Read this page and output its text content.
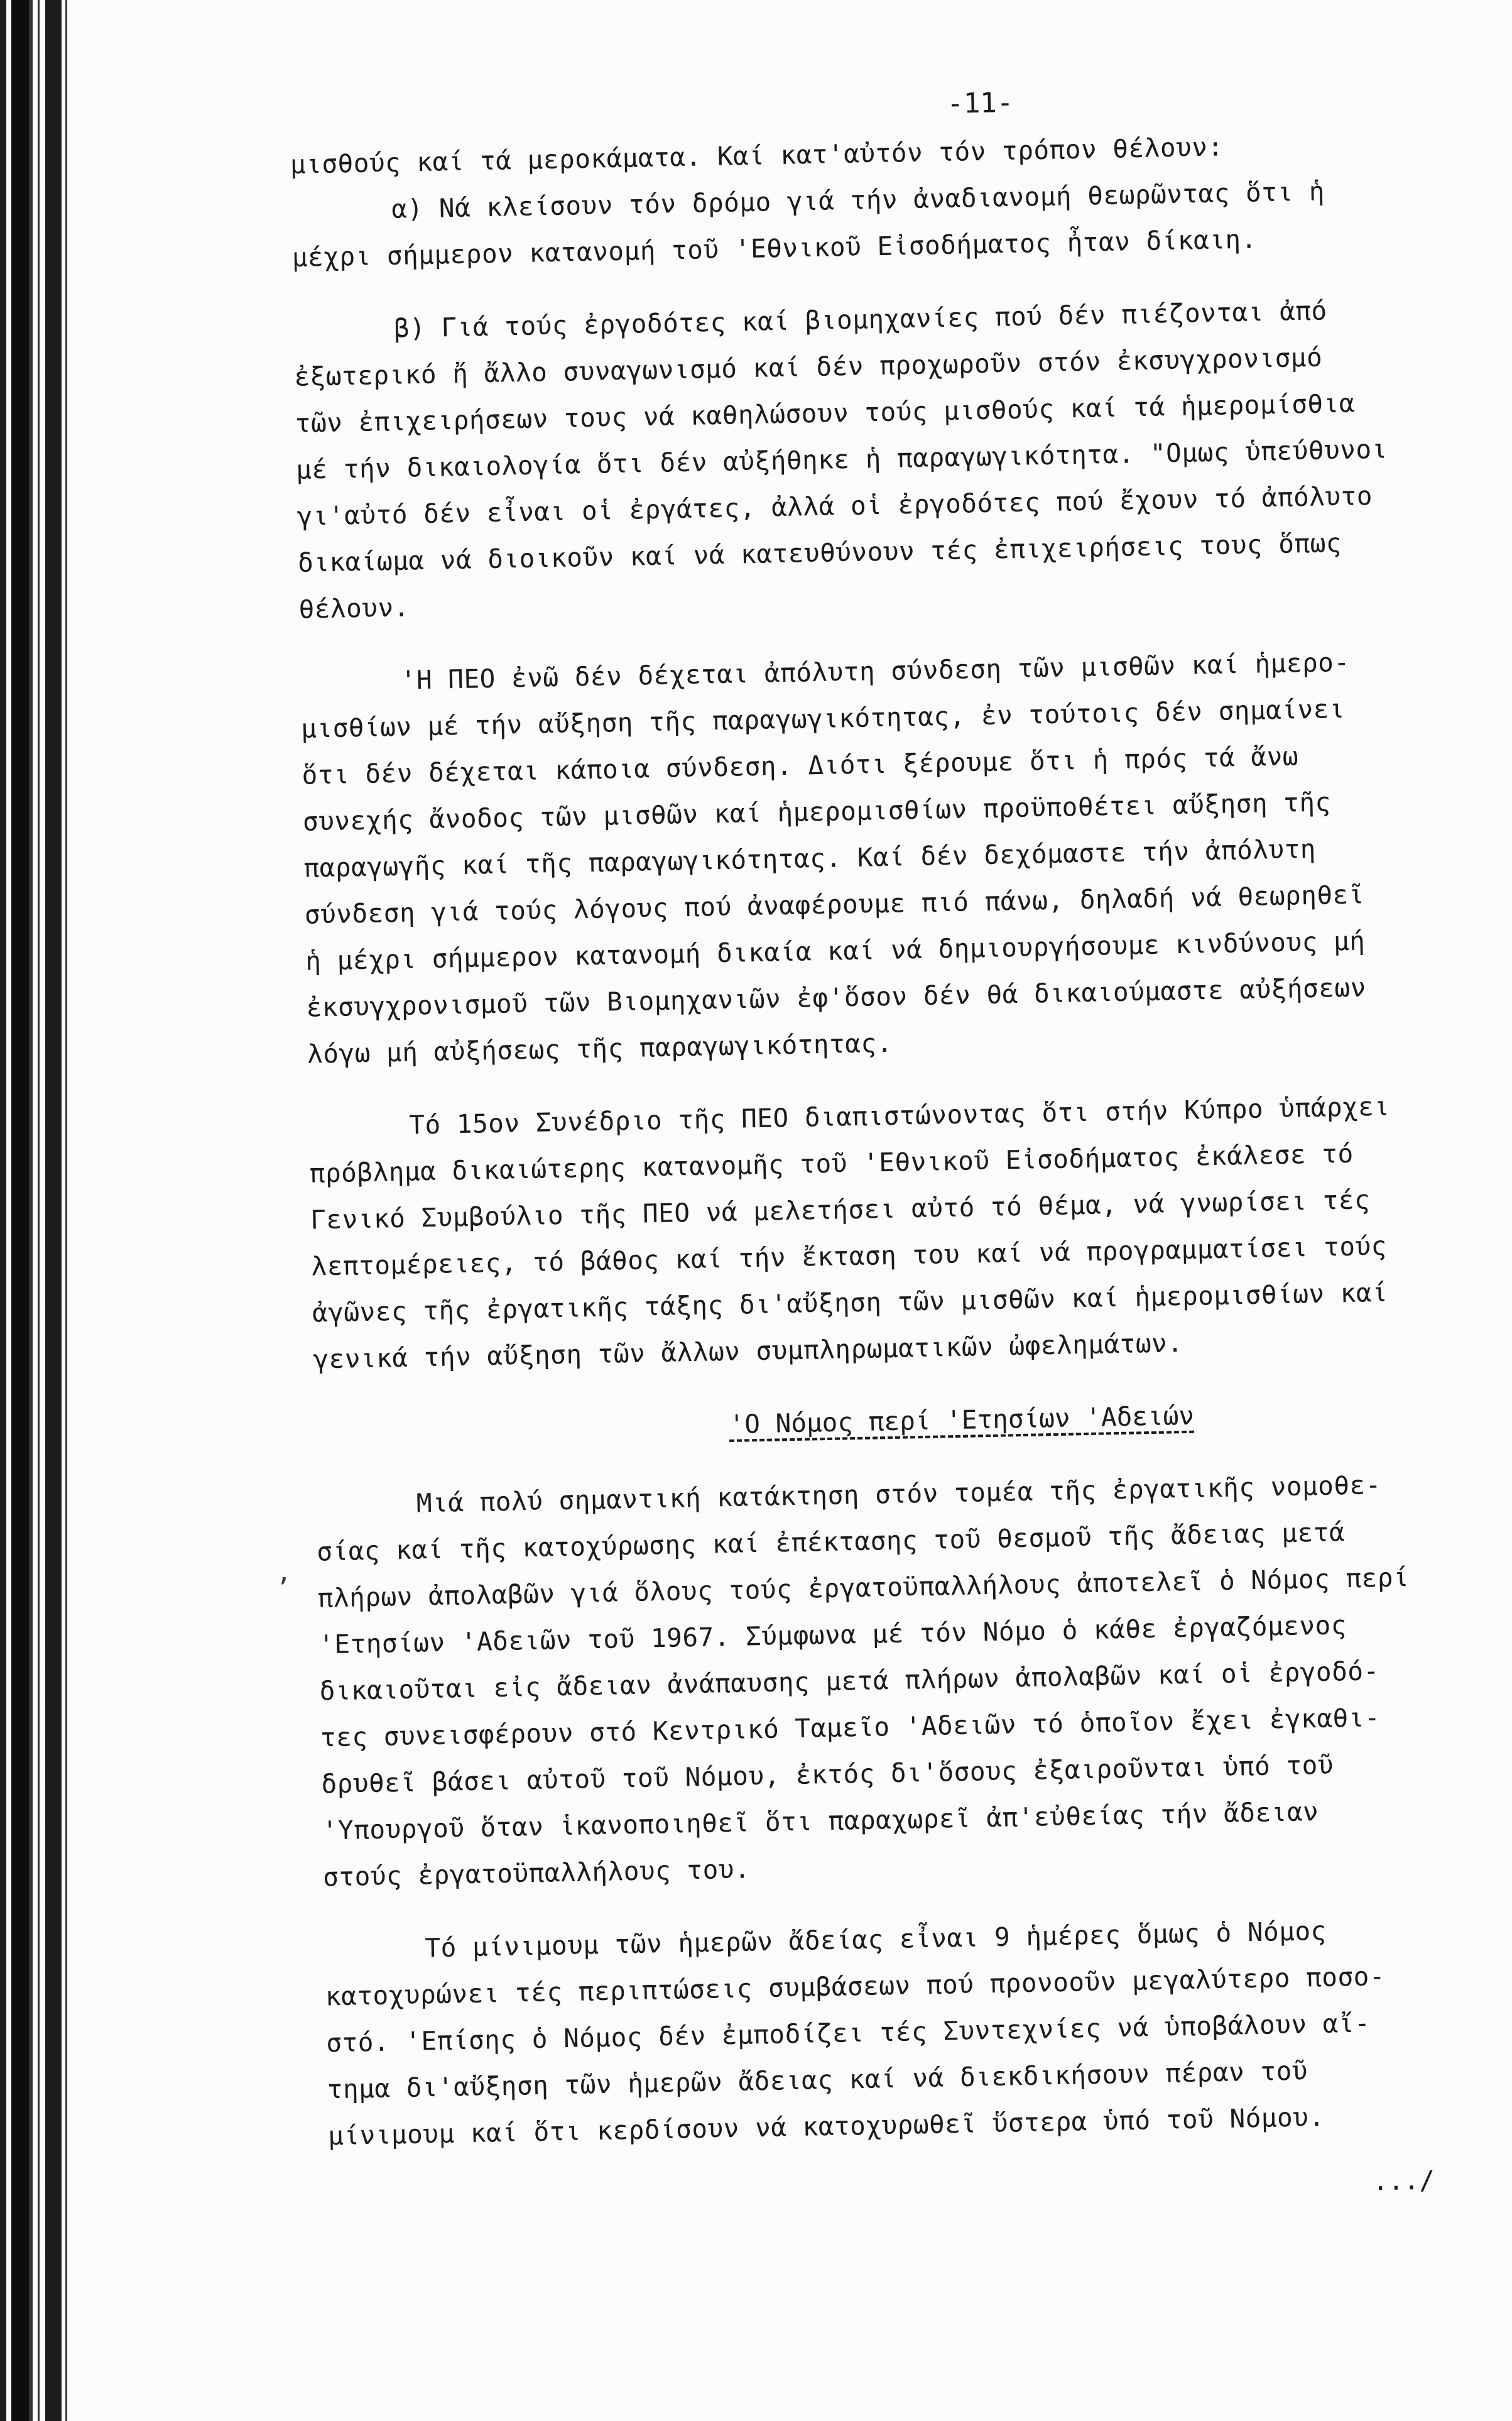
-11-
μισθούς καί τά μεροκάματα. Καί κατ'αὐτόν τόν τρόπον θέλουν:
α) Νά κλείσουν τόν δρόμο γιά τήν ἀναδιανομή θεωρῶντας ὅτι ἡ
μέχρι σήμμερον κατανομή τοῦ 'Εθνικοῦ Εἰσοδήματος ἦταν δίκαιη.
β) Γιά τούς ἐργοδότες καί βιομηχανίες πού δέν πιέζονται ἀπό
ἐξωτερικό ἤ ἄλλο συναγωνισμό καί δέν προχωροῦν στόν ἐκσυγχρονισμό
τῶν ἐπιχειρήσεων τους νά καθηλώσουν τούς μισθούς καί τά ἡμερομίσθια
μέ τήν δικαιολογία ὅτι δέν αὐξήθηκε ἡ παραγωγικότητα. "Ομως ὑπεύθυνοι
γι'αὐτό δέν εἶναι οἱ ἐργάτες, ἀλλά οἱ ἐργοδότες πού ἔχουν τό ἀπόλυτο
δικαίωμα νά διοικοῦν καί νά κατευθύνουν τές ἐπιχειρήσεις τους ὅπως
θέλουν.
'Η ΠΕΟ ἐνῶ δέν δέχεται ἀπόλυτη σύνδεση τῶν μισθῶν καί ἡμερο-
μισθίων μέ τήν αὔξηση τῆς παραγωγικότητας, ἐν τούτοις δέν σημαίνει
ὅτι δέν δέχεται κάποια σύνδεση. Διότι ξέρουμε ὅτι ἡ πρός τά ἄνω
συνεχής ἄνοδος τῶν μισθῶν καί ἡμερομισθίων προϋποθέτει αὔξηση τῆς
παραγωγῆς καί τῆς παραγωγικότητας. Καί δέν δεχόμαστε τήν ἀπόλυτη
σύνδεση γιά τούς λόγους πού ἀναφέρουμε πιό πάνω, δηλαδή νά θεωρηθεῖ
ἡ μέχρι σήμμερον κατανομή δικαία καί νά δημιουργήσουμε κινδύνους μή
ἐκσυγχρονισμοῦ τῶν Βιομηχανιῶν ἐφ'ὅσον δέν θά δικαιούμαστε αὐξήσεων
λόγω μή αὐξήσεως τῆς παραγωγικότητας.
Τό 15ον Συνέδριο τῆς ΠΕΟ διαπιστώνοντας ὅτι στήν Κύπρο ὑπάρχει
πρόβλημα δικαιώτερης κατανομῆς τοῦ 'Εθνικοῦ Εἰσοδήματος ἐκάλεσε τό
Γενικό Συμβούλιο τῆς ΠΕΟ νά μελετήσει αὐτό τό θέμα, νά γνωρίσει τές
λεπτομέρειες, τό βάθος καί τήν ἔκταση του καί νά προγραμματίσει τούς
ἀγῶνες τῆς ἐργατικῆς τάξης δι'αὔξηση τῶν μισθῶν καί ἡμερομισθίων καί
γενικά τήν αὔξηση τῶν ἄλλων συμπληρωματικῶν ὠφελημάτων.
'Ο Νόμος περί 'Ετησίων 'Αδειών
Μιά πολύ σημαντική κατάκτηση στόν τομέα τῆς ἐργατικῆς νομοθε-
σίας καί τῆς κατοχύρωσης καί ἐπέκτασης τοῦ θεσμοῦ τῆς ἄδειας μετά
πλήρων ἀπολαβῶν γιά ὅλους τούς ἐργατοϋπαλλήλους ἀποτελεῖ ὁ Νόμος περί
'Ετησίων 'Αδειῶν τοῦ 1967. Σύμφωνα μέ τόν Νόμο ὁ κάθε ἐργαζόμενος
δικαιοῦται εἰς ἄδειαν ἀνάπαυσης μετά πλήρων ἀπολαβῶν καί οἱ ἐργοδό-
τες συνεισφέρουν στό Κεντρικό Ταμεῖο 'Αδειῶν τό ὁποῖον ἔχει ἐγκαθι-
δρυθεῖ βάσει αὐτοῦ τοῦ Νόμου, ἐκτός δι'ὅσους ἐξαιροῦνται ὑπό τοῦ
'Υπουργοῦ ὅταν ἱκανοποιηθεῖ ὅτι παραχωρεῖ ἀπ'εὐθείας τήν ἄδειαν
στούς ἐργατοϋπαλλήλους του.
Τό μίνιμουμ τῶν ἡμερῶν ἄδείας εἶναι 9 ἡμέρες ὅμως ὁ Νόμος
κατοχυρώνει τές περιπτώσεις συμβάσεων πού προνοοῦν μεγαλύτερο ποσο-
στό. 'Επίσης ὁ Νόμος δέν ἐμποδίζει τές Συντεχνίες νά ὑποβάλουν αἴ-
τημα δι'αὔξηση τῶν ἡμερῶν ἄδειας καί νά διεκδικήσουν πέραν τοῦ
μίνιμουμ καί ὅτι κερδίσουν νά κατοχυρωθεῖ ὕστερα ὑπό τοῦ Νόμου.
...∕
,
